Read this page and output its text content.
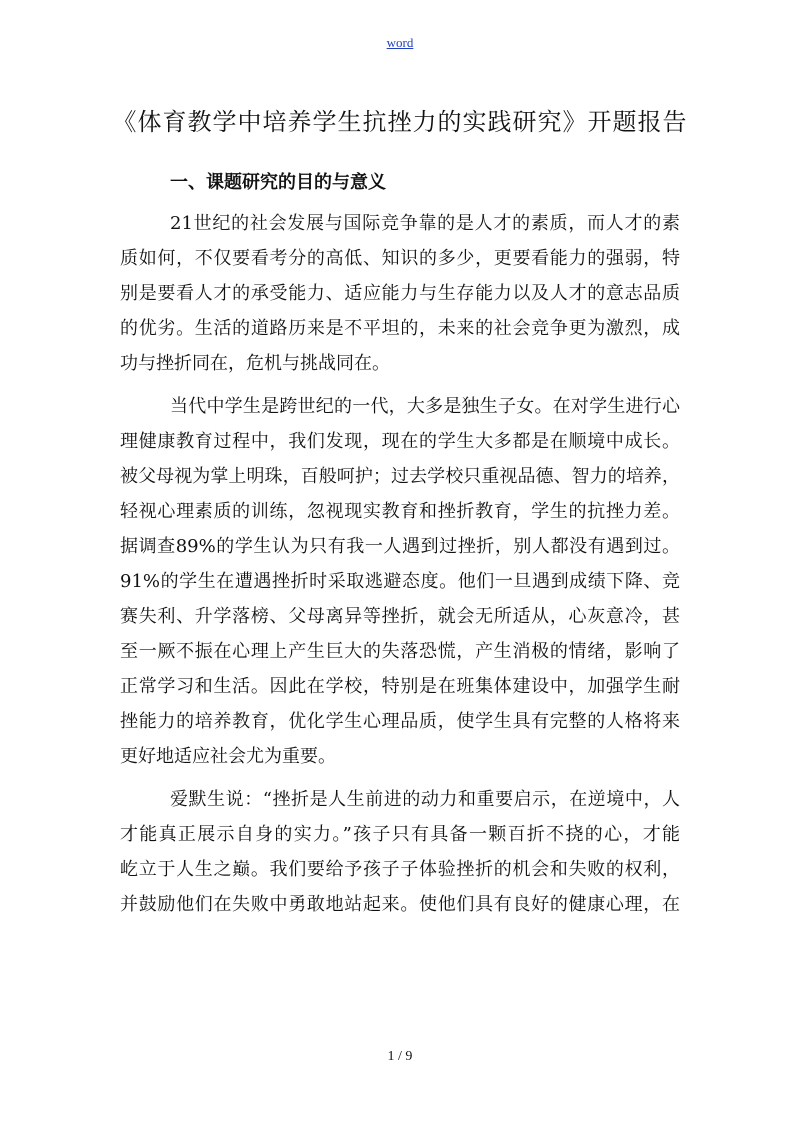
word
《体育教学中培养学生抗挫力的实践研究》开题报告
一、课题研究的目的与意义
21世纪的社会发展与国际竞争靠的是人才的素质，而人才的素
质如何，不仅要看考分的高低、知识的多少，更要看能力的强弱，特
别是要看人才的承受能力、适应能力与生存能力以及人才的意志品质
的优劣。生活的道路历来是不平坦的，未来的社会竞争更为激烈，成
功与挫折同在，危机与挑战同在。
当代中学生是跨世纪的一代，大多是独生子女。在对学生进行心
理健康教育过程中，我们发现，现在的学生大多都是在顺境中成长。
被父母视为掌上明珠，百般呵护；过去学校只重视品德、智力的培养，
轻视心理素质的训练，忽视现实教育和挫折教育，学生的抗挫力差。
据调查89%的学生认为只有我一人遇到过挫折，别人都没有遇到过。
91%的学生在遭遇挫折时采取逃避态度。他们一旦遇到成绩下降、竞
赛失利、升学落榜、父母离异等挫折，就会无所适从，心灰意冷，甚
至一厥不振在心理上产生巨大的失落恐慌，产生消极的情绪，影响了
正常学习和生活。因此在学校，特别是在班集体建设中，加强学生耐
挫能力的培养教育，优化学生心理品质，使学生具有完整的人格将来
更好地适应社会尤为重要。
爱默生说：“挫折是人生前进的动力和重要启示，在逆境中，人
才能真正展示自身的实力。”孩子只有具备一颗百折不挠的心，才能
屹立于人生之巅。我们要给予孩子子体验挫折的机会和失败的权利，
并鼓励他们在失败中勇敢地站起来。使他们具有良好的健康心理，在
1 / 9
